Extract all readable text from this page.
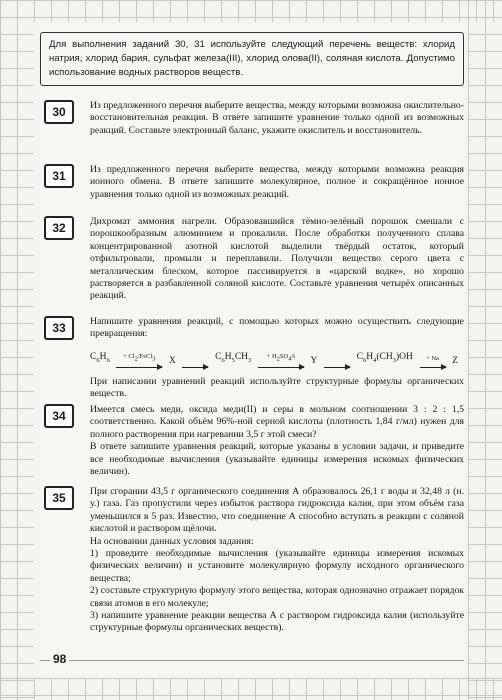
Для выполнения заданий 30, 31 используйте следующий перечень веществ: хлорид натрия, хлорид бария, сульфат железа(III), хлорид олова(II), соляная кислота. Допустимо использование водных растворов веществ.
30	Из предложенного перечня выберите вещества, между которыми возможна окислительно-восстановительная реакция. В ответе запишите уравнение только одной из возможных реакций. Составьте электронный баланс, укажите окислитель и восстановитель.

31	Из предложенного перечня выберите вещества, между которыми возможна реакция ионного обмена. В ответе запишите молекулярное, полное и сокращённое ионное уравнения только одной из возможных реакций.

32	Дихромат аммония нагрели. Образовавшийся тёмно-зелёный порошок смешали с порошкообразным алюминием и прокалили. После обработки полученного сплава концентрированной азотной кислотой выделили твёрдый остаток, который отфильтровали, промыли и переплавили. Получили вещество серого цвета с металлическим блеском, которое пассивируется в «царской водке», но хорошо растворяется в разбавленной соляной кислоте. Составьте уравнения четырёх описанных реакций.

33	Напишите уравнения реакций, с помощью которых можно осуществить следующие превращения:

$C_6H_6$
+ $Cl_2/FeCl_3$ X	$C_6H_5CH_3$
+ $H_2SO_4/t$ Y	$C_6H_4(CH_3)OH + Na$ Z

При написании уравнений реакций используйте структурные формулы органических веществ.

34	Имеется смесь меди, оксида меди(II) и серы в мольном соотношении 3 : 2 : 1,5 соответственно. Какой объём 96%-ной серной кислоты (плотность 1,84 г/мл) нужен для полного растворения при нагревании 3,5 г этой смеси?

В ответе запишите уравнения реакций, которые указаны в условии задачи, и приведите все необходимые вычисления (указывайте единицы измерения искомых физических величин).

35	При сгорании 43,5 г органического соединения А образовалось 26,1 г воды и 32,48 л (н. у.) газа. Газ пропустили через избыток раствора гидроксида калия, при этом объём газа уменьшился в 5 раз. Известно, что соединение А способно вступать в реакции с соляной кислотой и раствором щёлочи.

На основании данных условия задания:

1) проведите необходимые вычисления (указывайте единицы измерения искомых физических величин) и установите молекулярную формулу исходного органического вещества;

2) составьте структурную формулу этого вещества, которая однозначно отражает порядок связи атомов в его молекуле;

3) напишите уравнение реакции вещества А с раствором гидроксида калия (используйте структурные формулы органических веществ).

98
